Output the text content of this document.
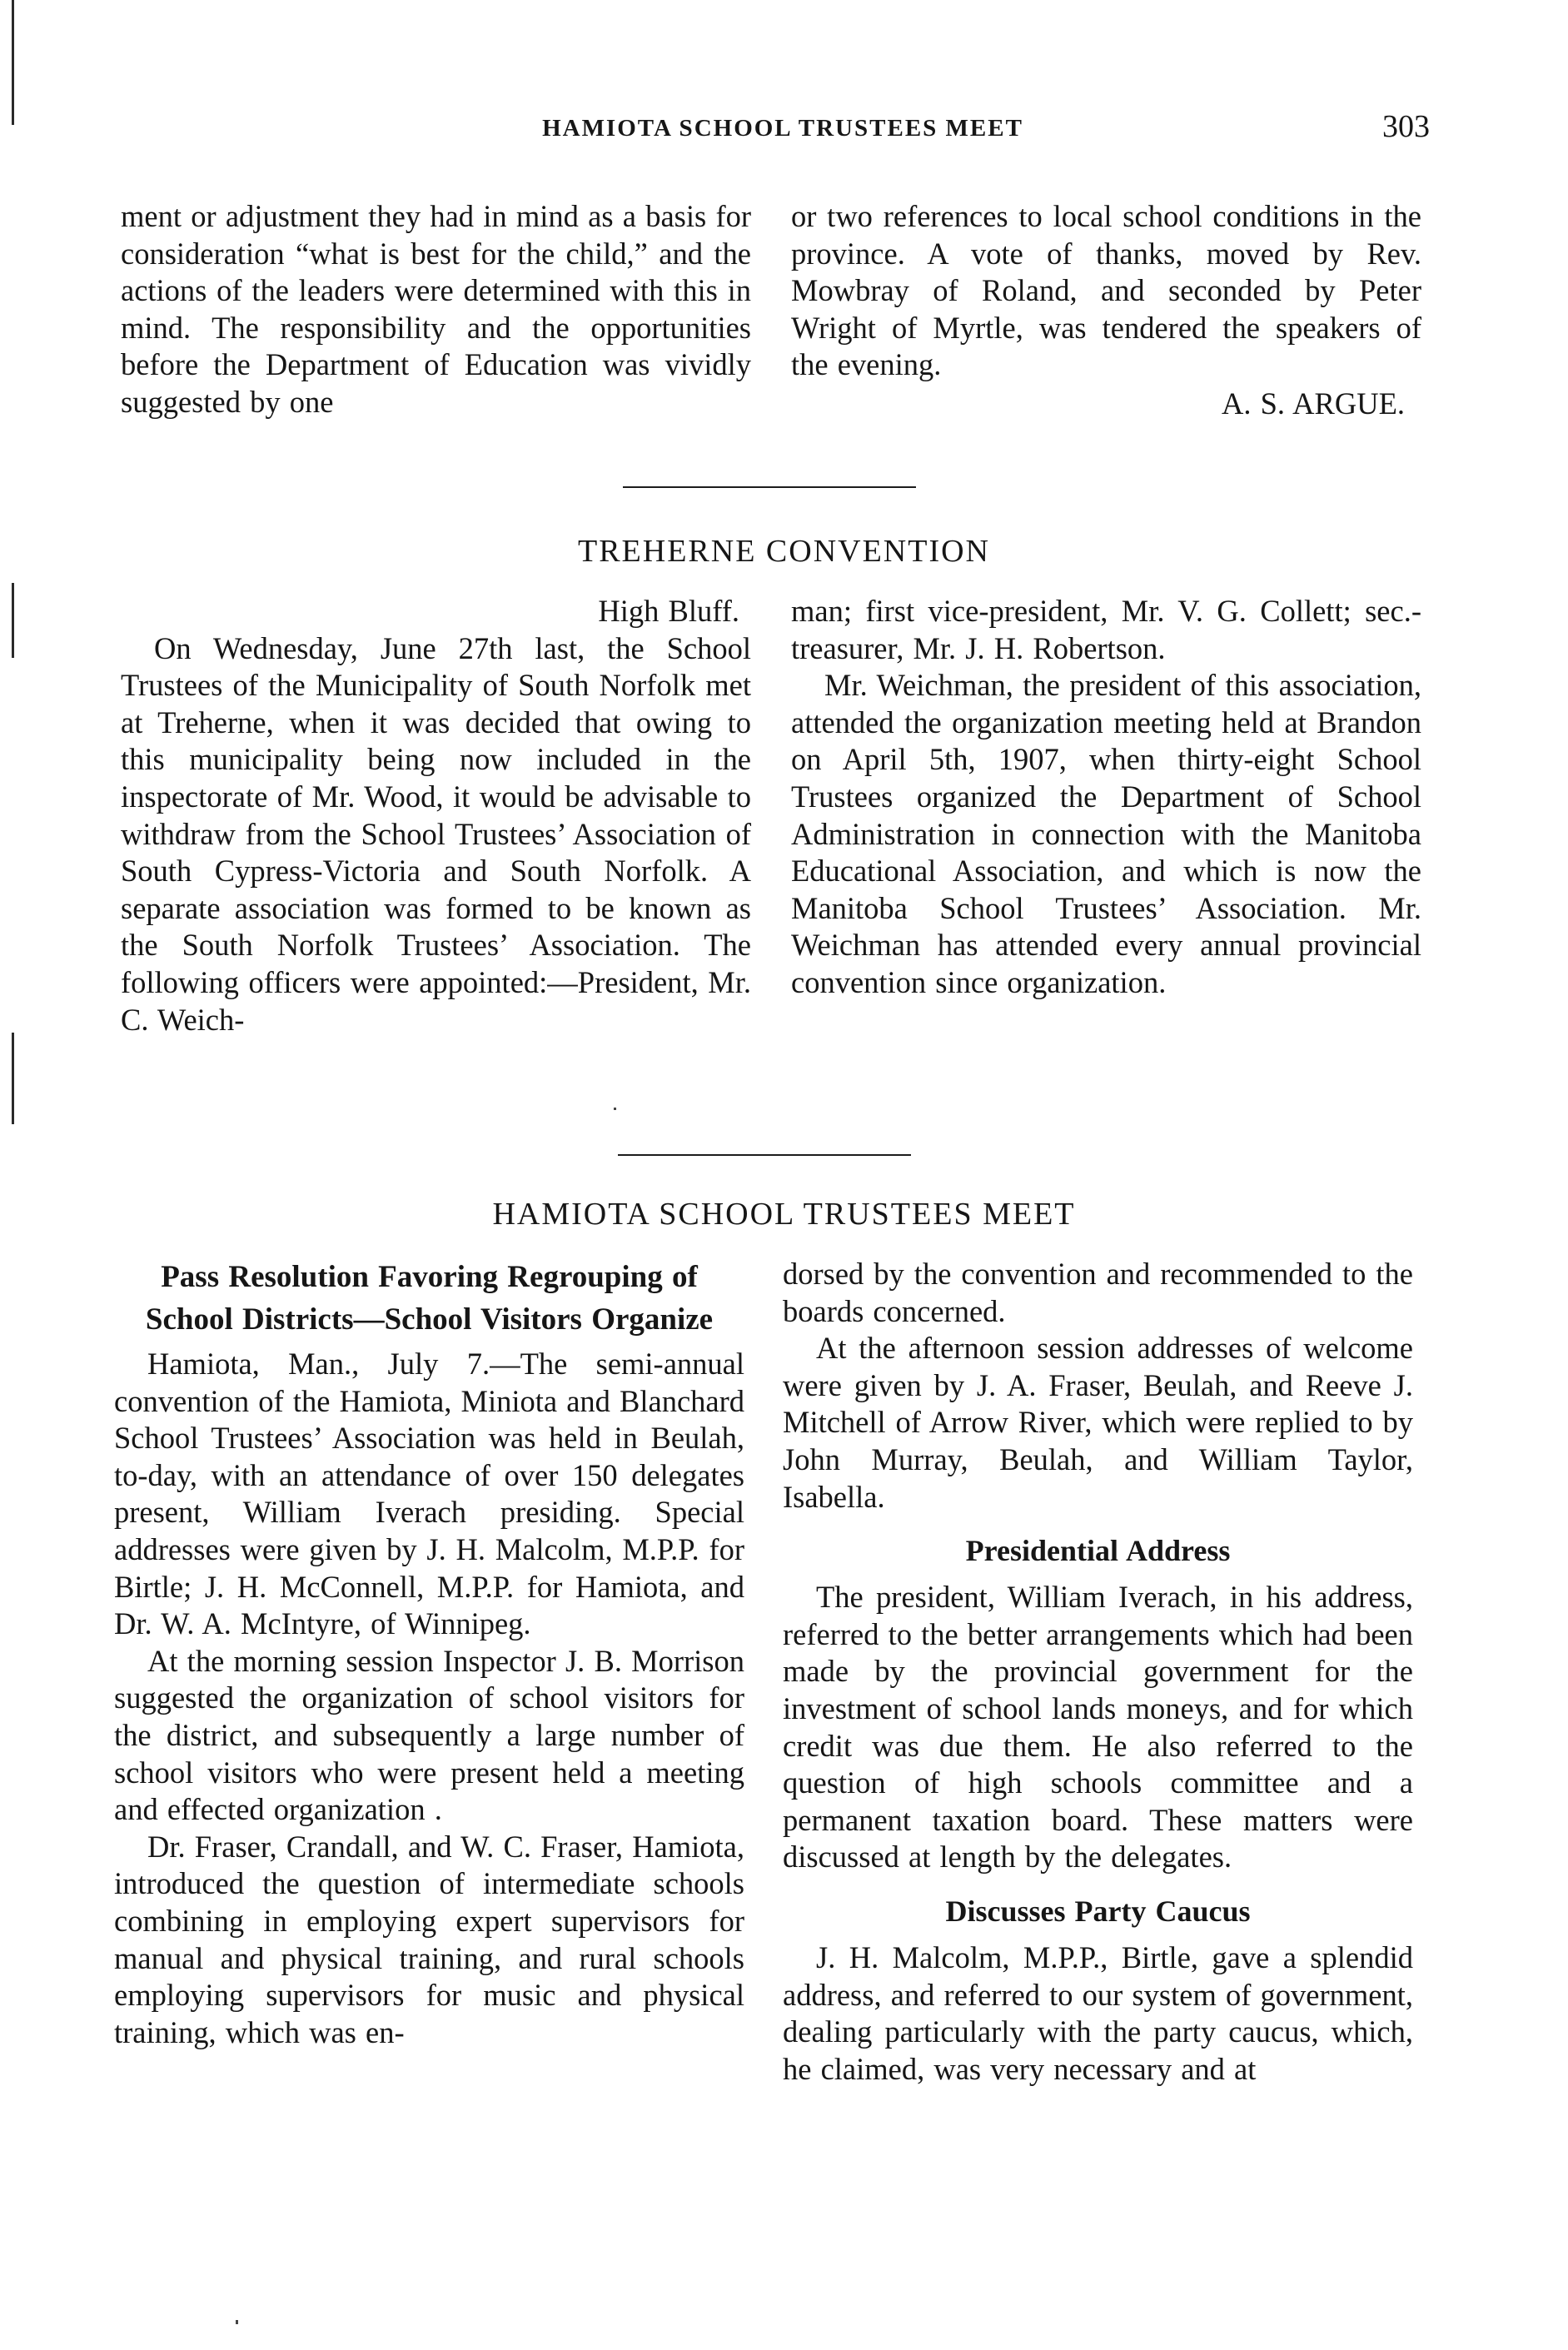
HAMIOTA SCHOOL TRUSTEES MEET	303

ment or adjustment they had in mind as a basis for consideration “what is best for the child,” and the actions of the leaders were determined with this in mind. The responsibility and the opportunities before the Department of Education was vividly suggested by one

or two references to local school conditions in the province. A vote of thanks, moved by Rev. Mowbray of Roland, and seconded by Peter Wright of Myrtle, was tendered the speakers of the evening.

A. S. ARGUE.
TREHERNE CONVENTION
High Bluff.

On Wednesday, June 27th last, the School Trustees of the Municipality of South Norfolk met at Treherne, when it was decided that owing to this municipality being now included in the inspectorate of Mr. Wood, it would be advisable to withdraw from the School Trustees’ Association of South Cypress-Victoria and South Norfolk. A separate association was formed to be known as the South Norfolk Trustees’ Association. The following officers were appointed:—President, Mr. C. Weich-

man; first vice-president, Mr. V. G. Collett; sec.-treasurer, Mr. J. H. Robertson.

Mr. Weichman, the president of this association, attended the organization meeting held at Brandon on April 5th, 1907, when thirty-eight School Trustees organized the Department of School Administration in connection with the Manitoba Educational Association, and which is now the Manitoba School Trustees’ Association. Mr. Weichman has attended every annual provincial convention since organization.

HAMIOTA SCHOOL TRUSTEES MEET
Pass Resolution Favoring Regrouping of School Districts—School Visitors Organize

Hamiota, Man., July 7.—The semi-annual convention of the Hamiota, Miniota and Blanchard School Trustees’ Association was held in Beulah, to-day, with an attendance of over 150 delegates present, William Iverach presiding. Special addresses were given by J. H. Malcolm, M.P.P. for Birtle; J. H. McConnell, M.P.P. for Hamiota, and Dr. W. A. McIntyre, of Winnipeg.

At the morning session Inspector J. B. Morrison suggested the organization of school visitors for the district, and subsequently a large number of school visitors who were present held a meeting and effected organization .

Dr. Fraser, Crandall, and W. C. Fraser, Hamiota, introduced the question of intermediate schools combining in employing expert supervisors for manual and physical training, and rural schools employing supervisors for music and physical training, which was en-

dorsed by the convention and recommended to the boards concerned.

At the afternoon session addresses of welcome were given by J. A. Fraser, Beulah, and Reeve J. Mitchell of Arrow River, which were replied to by John Murray, Beulah, and William Taylor, Isabella.

Presidential Address

The president, William Iverach, in his address, referred to the better arrangements which had been made by the provincial government for the investment of school lands moneys, and for which credit was due them. He also referred to the question of high schools committee and a permanent taxation board. These matters were discussed at length by the delegates.

Discusses Party Caucus

J. H. Malcolm, M.P.P., Birtle, gave a splendid address, and referred to our system of government, dealing particularly with the party caucus, which, he claimed, was very necessary and at
